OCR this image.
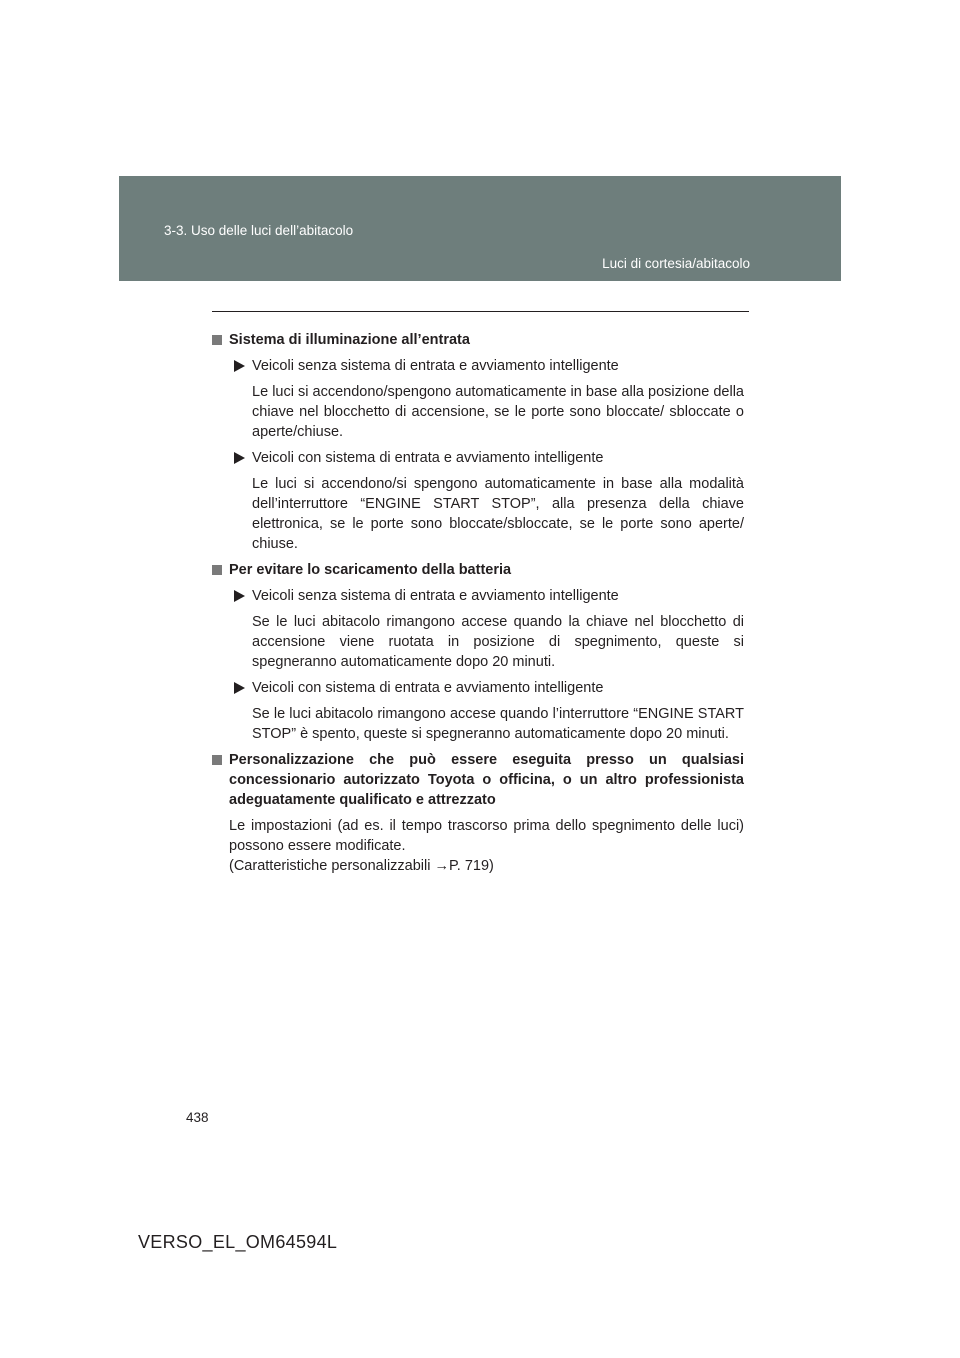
3-3. Uso delle luci dell’abitacolo
Luci di cortesia/abitacolo
Sistema di illuminazione all’entrata
Veicoli senza sistema di entrata e avviamento intelligente
Le luci si accendono/spengono automaticamente in base alla posizione della chiave nel blocchetto di accensione, se le porte sono bloccate/ sbloccate o aperte/chiuse.
Veicoli con sistema di entrata e avviamento intelligente
Le luci si accendono/si spengono automaticamente in base alla modalità dell’interruttore “ENGINE START STOP”, alla presenza della chiave elettronica, se le porte sono bloccate/sbloccate, se le porte sono aperte/ chiuse.
Per evitare lo scaricamento della batteria
Veicoli senza sistema di entrata e avviamento intelligente
Se le luci abitacolo rimangono accese quando la chiave nel blocchetto di accensione viene ruotata in posizione di spegnimento, queste si spegneranno automaticamente dopo 20 minuti.
Veicoli con sistema di entrata e avviamento intelligente
Se le luci abitacolo rimangono accese quando l’interruttore “ENGINE START STOP” è spento, queste si spegneranno automaticamente dopo 20 minuti.
Personalizzazione che può essere eseguita presso un qualsiasi concessionario autorizzato Toyota o officina, o un altro professionista adeguatamente qualificato e attrezzato
Le impostazioni (ad es. il tempo trascorso prima dello spegnimento delle luci) possono essere modificate.
(Caratteristiche personalizzabili →P. 719)
438
VERSO_EL_OM64594L
